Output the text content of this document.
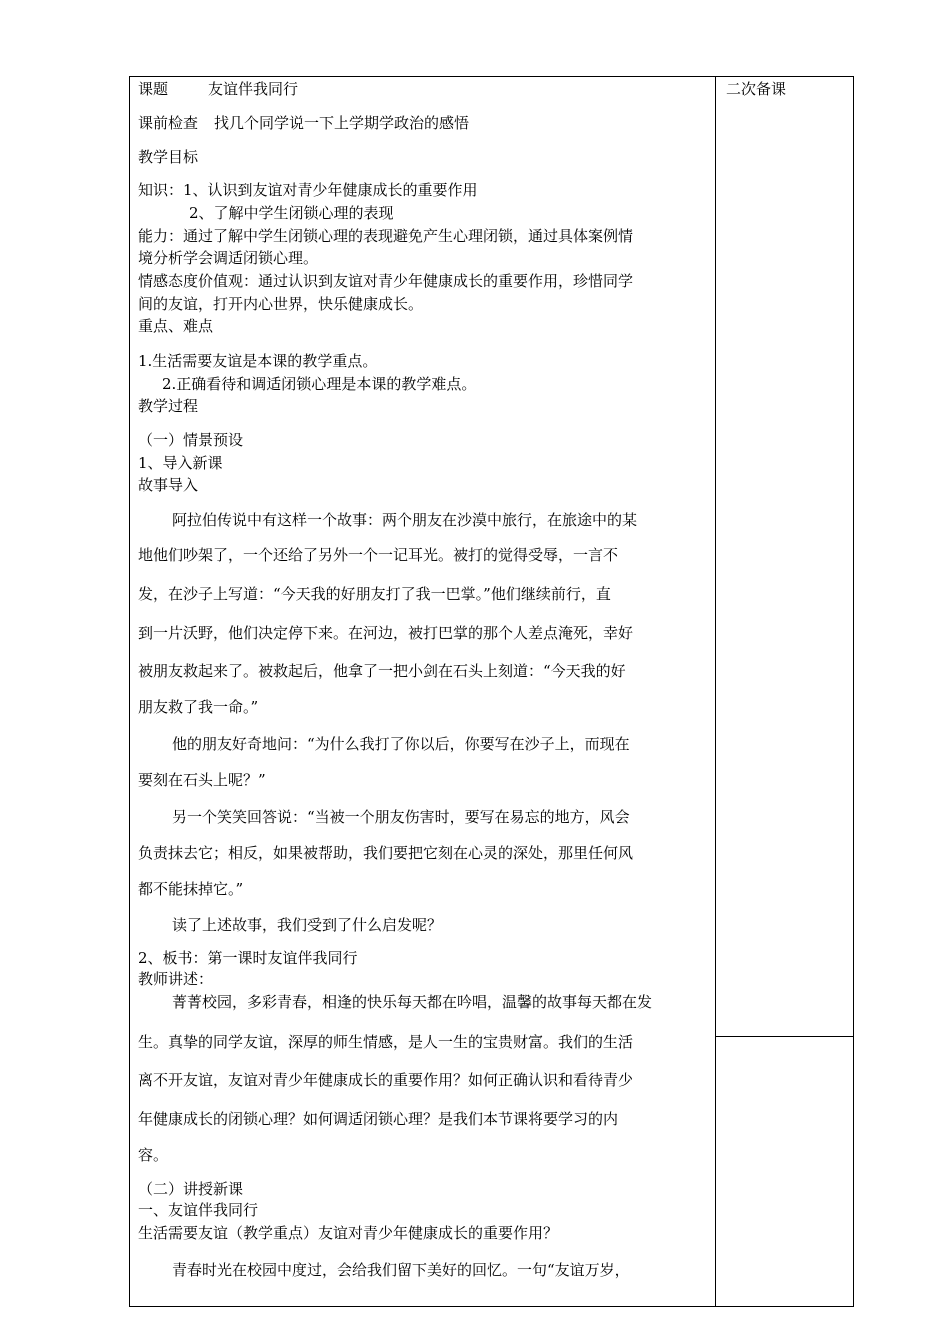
二次备课
课题	友谊伴我同行
课前检查 找几个同学说一下上学期学政治的感悟
教学目标
知识：1、认识到友谊对青少年健康成长的重要作用
2、了解中学生闭锁心理的表现
能力：通过了解中学生闭锁心理的表现避免产生心理闭锁，通过具体案例情
境分析学会调适闭锁心理。
情感态度价值观：通过认识到友谊对青少年健康成长的重要作用，珍惜同学
间的友谊，打开内心世界，快乐健康成长。
重点、难点
1.生活需要友谊是本课的教学重点。
2.正确看待和调适闭锁心理是本课的教学难点。
教学过程
（一）情景预设
1、导入新课
故事导入
阿拉伯传说中有这样一个故事：两个朋友在沙漠中旅行，在旅途中的某
地他们吵架了，一个还给了另外一个一记耳光。被打的觉得受辱，一言不
发，在沙子上写道：“今天我的好朋友打了我一巴掌。”他们继续前行，直
到一片沃野，他们决定停下来。在河边，被打巴掌的那个人差点淹死，幸好
被朋友救起来了。被救起后，他拿了一把小剑在石头上刻道：“今天我的好
朋友救了我一命。”
他的朋友好奇地问：“为什么我打了你以后，你要写在沙子上，而现在
要刻在石头上呢？”
另一个笑笑回答说：“当被一个朋友伤害时，要写在易忘的地方，风会
负责抹去它；相反，如果被帮助，我们要把它刻在心灵的深处，那里任何风
都不能抹掉它。”
读了上述故事，我们受到了什么启发呢？
2、板书：第一课时友谊伴我同行
教师讲述：
菁菁校园，多彩青春，相逢的快乐每天都在吟唱，温馨的故事每天都在发
生。真挚的同学友谊，深厚的师生情感，是人一生的宝贵财富。我们的生活
离不开友谊，友谊对青少年健康成长的重要作用？如何正确认识和看待青少
年健康成长的闭锁心理？如何调适闭锁心理？是我们本节课将要学习的内
容。
（二）讲授新课
一、友谊伴我同行
生活需要友谊（教学重点）友谊对青少年健康成长的重要作用？
青春时光在校园中度过，会给我们留下美好的回忆。一句“友谊万岁，
